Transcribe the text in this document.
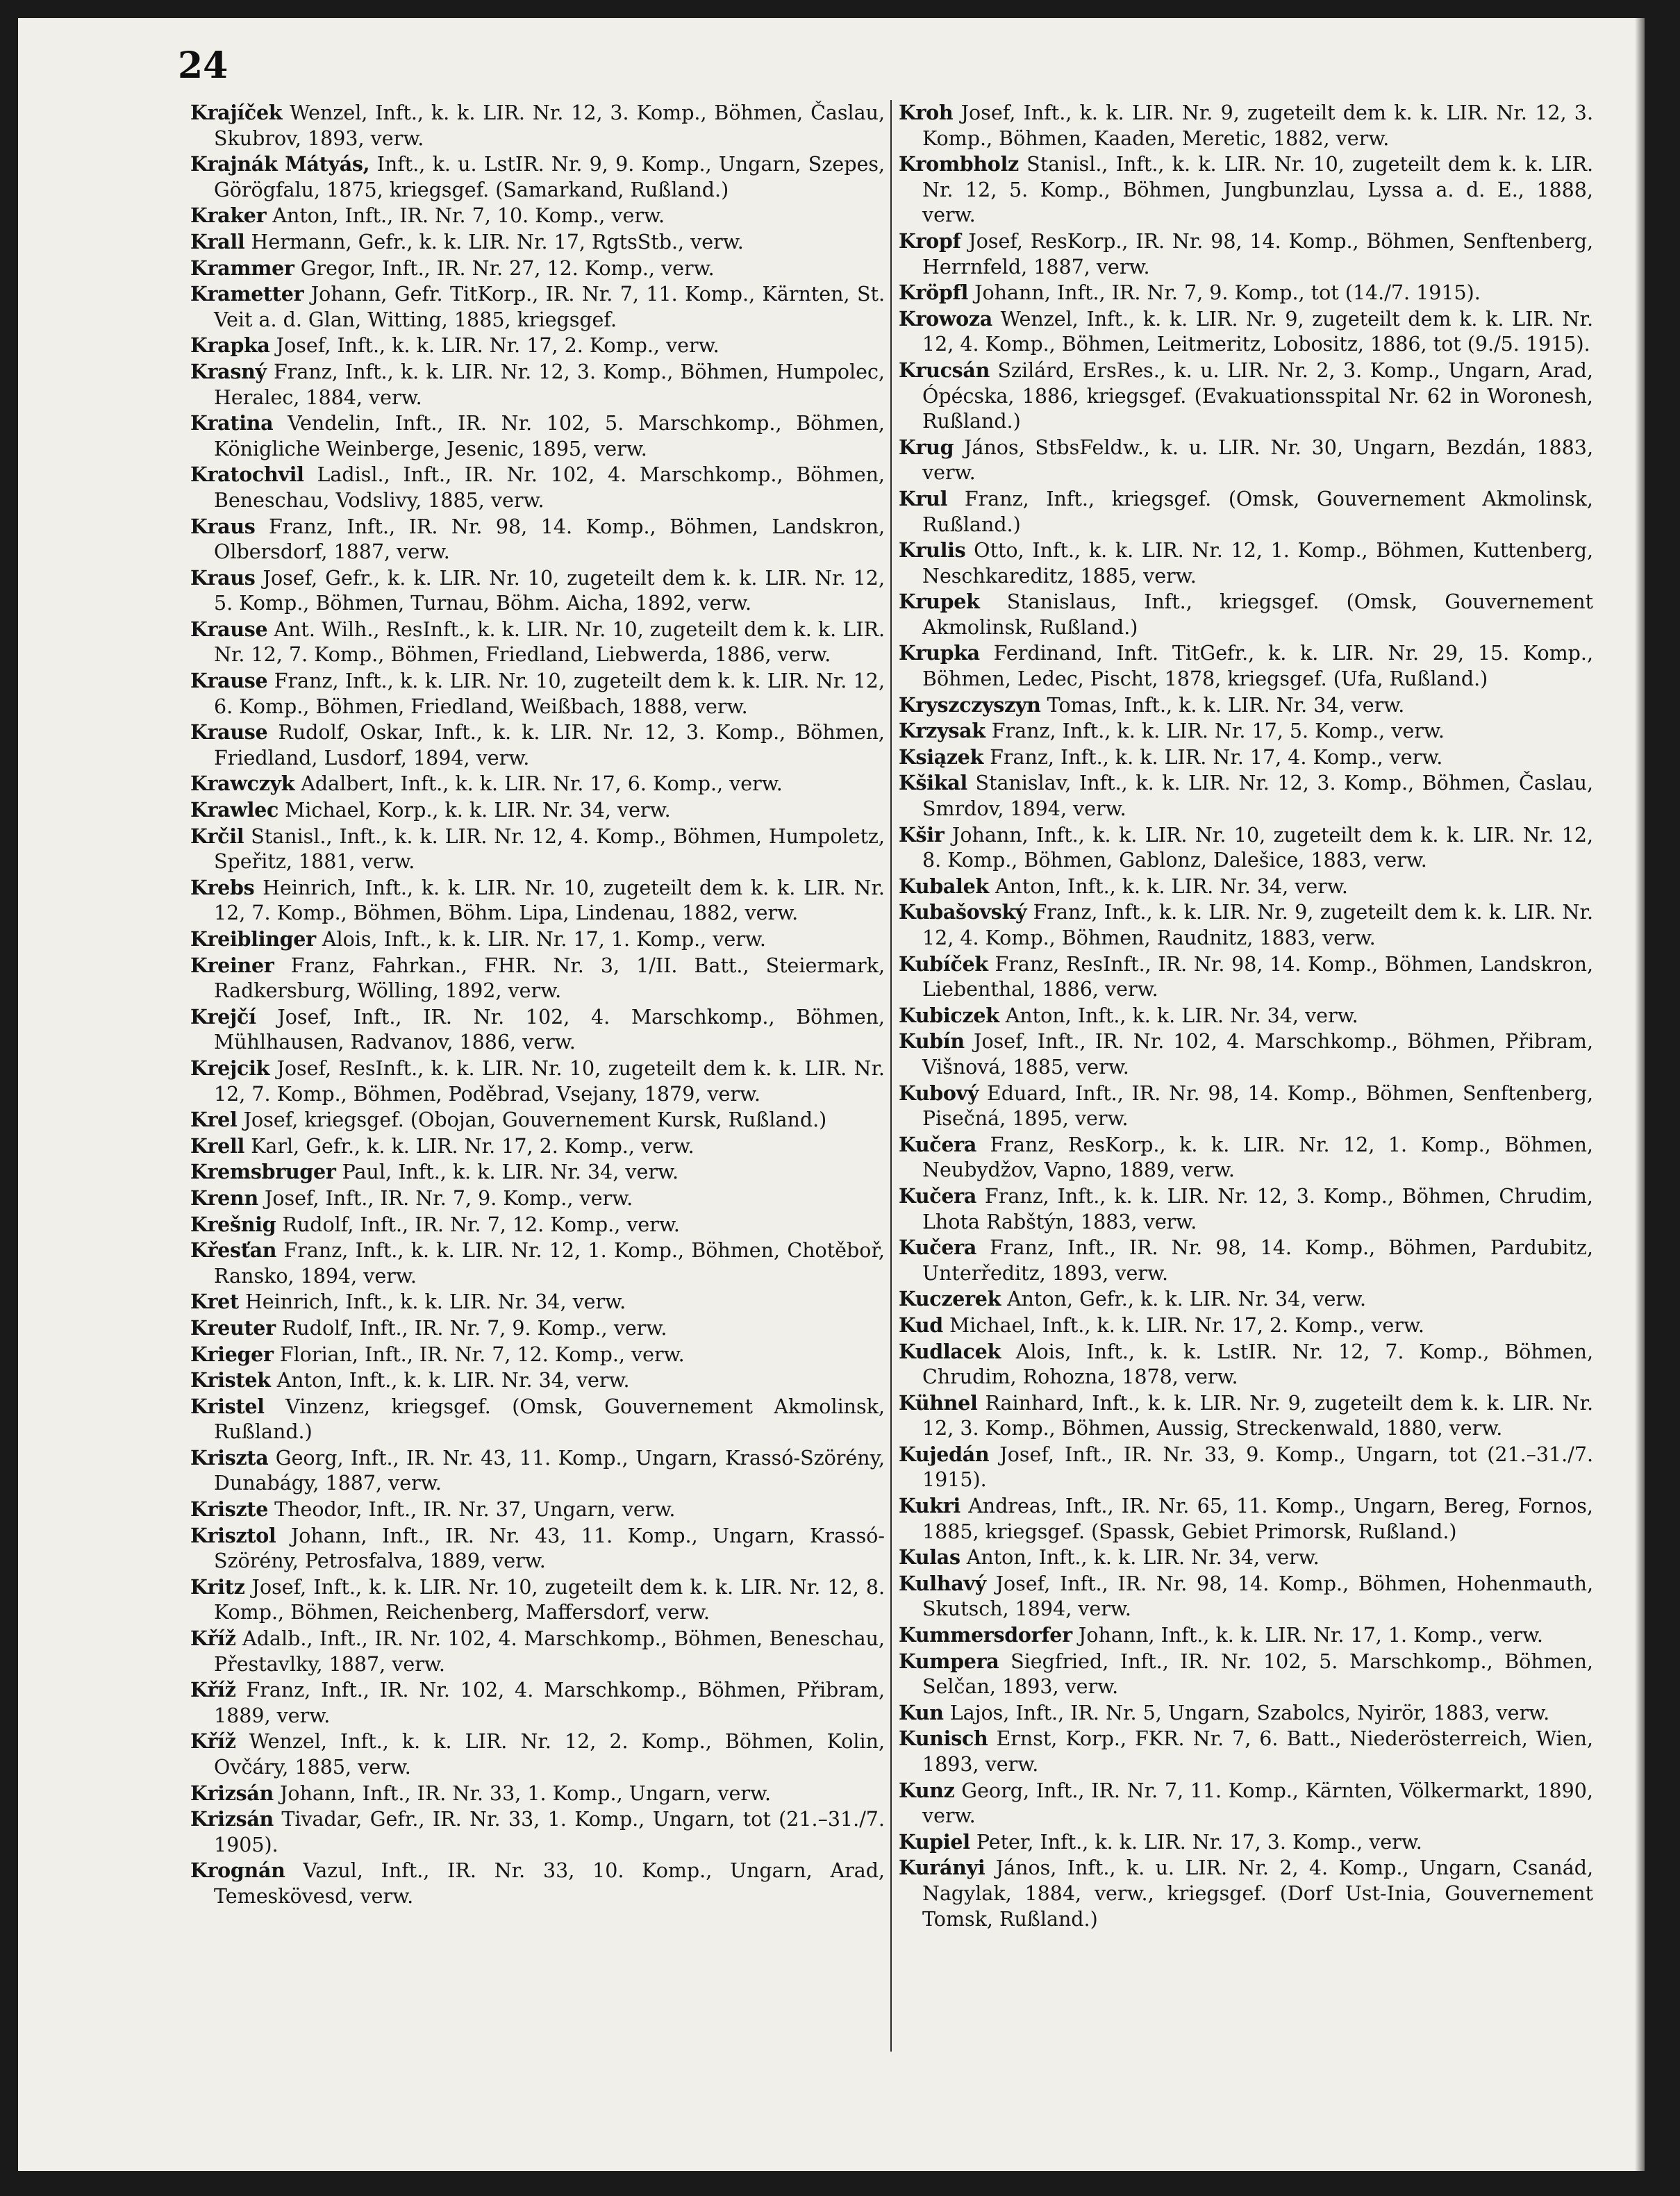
24

Krajíček Wenzel, Inft., k. k. LIR. Nr. 12, 3. Komp., Böhmen, Časlau, Skubrov, 1893, verw.

Krajnák Mátyás, Inft., k. u. LstIR. Nr. 9, 9. Komp., Ungarn, Szepes, Görögfalu, 1875, kriegsgef. (Samarkand, Rußland.)

Kraker Anton, Inft., IR. Nr. 7, 10. Komp., verw.

Krall Hermann, Gefr., k. k. LIR. Nr. 17, RgtsStb., verw.

Krammer Gregor, Inft., IR. Nr. 27, 12. Komp., verw.

Krametter Johann, Gefr. TitKorp., IR. Nr. 7, 11. Komp., Kärnten, St. Veit a. d. Glan, Witting, 1885, kriegsgef.

Krapka Josef, Inft., k. k. LIR. Nr. 17, 2. Komp., verw.

Krasný Franz, Inft., k. k. LIR. Nr. 12, 3. Komp., Böhmen, Humpolec, Heralec, 1884, verw.

Kratina Vendelin, Inft., IR. Nr. 102, 5. Marschkomp., Böhmen, Königliche Weinberge, Jesenic, 1895, verw.

Kratochvil Ladisl., Inft., IR. Nr. 102, 4. Marschkomp., Böhmen, Beneschau, Vodslivy, 1885, verw.

Kraus Franz, Inft., IR. Nr. 98, 14. Komp., Böhmen, Landskron, Olbersdorf, 1887, verw.

Kraus Josef, Gefr., k. k. LIR. Nr. 10, zugeteilt dem k. k. LIR. Nr. 12, 5. Komp., Böhmen, Turnau, Böhm. Aicha, 1892, verw.

Krause Ant. Wilh., ResInft., k. k. LIR. Nr. 10, zugeteilt dem k. k. LIR. Nr. 12, 7. Komp., Böhmen, Friedland, Liebwerda, 1886, verw.

Krause Franz, Inft., k. k. LIR. Nr. 10, zugeteilt dem k. k. LIR. Nr. 12, 6. Komp., Böhmen, Friedland, Weißbach, 1888, verw.

Krause Rudolf, Oskar, Inft., k. k. LIR. Nr. 12, 3. Komp., Böhmen, Friedland, Lusdorf, 1894, verw.

Krawczyk Adalbert, Inft., k. k. LIR. Nr. 17, 6. Komp., verw.

Krawlec Michael, Korp., k. k. LIR. Nr. 34, verw.

Krčil Stanisl., Inft., k. k. LIR. Nr. 12, 4. Komp., Böhmen, Humpoletz, Speřitz, 1881, verw.

Krebs Heinrich, Inft., k. k. LIR. Nr. 10, zugeteilt dem k. k. LIR. Nr. 12, 7. Komp., Böhmen, Böhm. Lipa, Lindenau, 1882, verw.

Kreiblinger Alois, Inft., k. k. LIR. Nr. 17, 1. Komp., verw.

Kreiner Franz, Fahrkan., FHR. Nr. 3, 1/II. Batt., Steiermark, Radkersburg, Wölling, 1892, verw.

Krejčí Josef, Inft., IR. Nr. 102, 4. Marschkomp., Böhmen, Mühlhausen, Radvanov, 1886, verw.

Krejcik Josef, ResInft., k. k. LIR. Nr. 10, zugeteilt dem k. k. LIR. Nr. 12, 7. Komp., Böhmen, Poděbrad, Vsejany, 1879, verw.

Krel Josef, kriegsgef. (Obojan, Gouvernement Kursk, Rußland.)

Krell Karl, Gefr., k. k. LIR. Nr. 17, 2. Komp., verw.

Kremsbruger Paul, Inft., k. k. LIR. Nr. 34, verw.

Krenn Josef, Inft., IR. Nr. 7, 9. Komp., verw.

Krešnig Rudolf, Inft., IR. Nr. 7, 12. Komp., verw.

Křesťan Franz, Inft., k. k. LIR. Nr. 12, 1. Komp., Böhmen, Chotěboř, Ransko, 1894, verw.

Kret Heinrich, Inft., k. k. LIR. Nr. 34, verw.

Kreuter Rudolf, Inft., IR. Nr. 7, 9. Komp., verw.

Krieger Florian, Inft., IR. Nr. 7, 12. Komp., verw.

Kristek Anton, Inft., k. k. LIR. Nr. 34, verw.

Kristel Vinzenz, kriegsgef. (Omsk, Gouvernement Akmolinsk, Rußland.)

Kriszta Georg, Inft., IR. Nr. 43, 11. Komp., Ungarn, Krassó-Szörény, Dunabágy, 1887, verw.

Kriszte Theodor, Inft., IR. Nr. 37, Ungarn, verw.

Krisztol Johann, Inft., IR. Nr. 43, 11. Komp., Ungarn, Krassó-Szörény, Petrosfalva, 1889, verw.

Kritz Josef, Inft., k. k. LIR. Nr. 10, zugeteilt dem k. k. LIR. Nr. 12, 8. Komp., Böhmen, Reichenberg, Maffersdorf, verw.

Kříž Adalb., Inft., IR. Nr. 102, 4. Marschkomp., Böhmen, Beneschau, Přestavlky, 1887, verw.

Kříž Franz, Inft., IR. Nr. 102, 4. Marschkomp., Böhmen, Přibram, 1889, verw.

Kříž Wenzel, Inft., k. k. LIR. Nr. 12, 2. Komp., Böhmen, Kolin, Ovčáry, 1885, verw.

Krizsán Johann, Inft., IR. Nr. 33, 1. Komp., Ungarn, verw.

Krizsán Tivadar, Gefr., IR. Nr. 33, 1. Komp., Ungarn, tot (21.–31./7. 1905).

Krognán Vazul, Inft., IR. Nr. 33, 10. Komp., Ungarn, Arad, Temeskövesd, verw.

Kroh Josef, Inft., k. k. LIR. Nr. 9, zugeteilt dem k. k. LIR. Nr. 12, 3. Komp., Böhmen, Kaaden, Meretic, 1882, verw.

Krombholz Stanisl., Inft., k. k. LIR. Nr. 10, zugeteilt dem k. k. LIR. Nr. 12, 5. Komp., Böhmen, Jungbunzlau, Lyssa a. d. E., 1888, verw.

Kropf Josef, ResKorp., IR. Nr. 98, 14. Komp., Böhmen, Senftenberg, Herrnfeld, 1887, verw.

Kröpfl Johann, Inft., IR. Nr. 7, 9. Komp., tot (14./7. 1915).

Krowoza Wenzel, Inft., k. k. LIR. Nr. 9, zugeteilt dem k. k. LIR. Nr. 12, 4. Komp., Böhmen, Leitmeritz, Lobositz, 1886, tot (9./5. 1915).

Krucsán Szilárd, ErsRes., k. u. LIR. Nr. 2, 3. Komp., Ungarn, Arad, Ópécska, 1886, kriegsgef. (Evakuationsspital Nr. 62 in Woronesh, Rußland.)

Krug János, StbsFeldw., k. u. LIR. Nr. 30, Ungarn, Bezdán, 1883, verw.

Krul Franz, Inft., kriegsgef. (Omsk, Gouvernement Akmolinsk, Rußland.)

Krulis Otto, Inft., k. k. LIR. Nr. 12, 1. Komp., Böhmen, Kuttenberg, Neschkareditz, 1885, verw.

Krupek Stanislaus, Inft., kriegsgef. (Omsk, Gouvernement Akmolinsk, Rußland.)

Krupka Ferdinand, Inft. TitGefr., k. k. LIR. Nr. 29, 15. Komp., Böhmen, Ledec, Pischt, 1878, kriegsgef. (Ufa, Rußland.)

Kryszczyszyn Tomas, Inft., k. k. LIR. Nr. 34, verw.

Krzysak Franz, Inft., k. k. LIR. Nr. 17, 5. Komp., verw.

Ksiązek Franz, Inft., k. k. LIR. Nr. 17, 4. Komp., verw.

Kšikal Stanislav, Inft., k. k. LIR. Nr. 12, 3. Komp., Böhmen, Časlau, Smrdov, 1894, verw.

Kšir Johann, Inft., k. k. LIR. Nr. 10, zugeteilt dem k. k. LIR. Nr. 12, 8. Komp., Böhmen, Gablonz, Dalešice, 1883, verw.

Kubalek Anton, Inft., k. k. LIR. Nr. 34, verw.

Kubašovský Franz, Inft., k. k. LIR. Nr. 9, zugeteilt dem k. k. LIR. Nr. 12, 4. Komp., Böhmen, Raudnitz, 1883, verw.

Kubíček Franz, ResInft., IR. Nr. 98, 14. Komp., Böhmen, Landskron, Liebenthal, 1886, verw.

Kubiczek Anton, Inft., k. k. LIR. Nr. 34, verw.

Kubín Josef, Inft., IR. Nr. 102, 4. Marschkomp., Böhmen, Přibram, Višnová, 1885, verw.

Kubový Eduard, Inft., IR. Nr. 98, 14. Komp., Böhmen, Senftenberg, Pisečná, 1895, verw.

Kučera Franz, ResKorp., k. k. LIR. Nr. 12, 1. Komp., Böhmen, Neubydžov, Vapno, 1889, verw.

Kučera Franz, Inft., k. k. LIR. Nr. 12, 3. Komp., Böhmen, Chrudim, Lhota Rabštýn, 1883, verw.

Kučera Franz, Inft., IR. Nr. 98, 14. Komp., Böhmen, Pardubitz, Unterředitz, 1893, verw.

Kuczerek Anton, Gefr., k. k. LIR. Nr. 34, verw.

Kud Michael, Inft., k. k. LIR. Nr. 17, 2. Komp., verw.

Kudlacek Alois, Inft., k. k. LstIR. Nr. 12, 7. Komp., Böhmen, Chrudim, Rohozna, 1878, verw.

Kühnel Rainhard, Inft., k. k. LIR. Nr. 9, zugeteilt dem k. k. LIR. Nr. 12, 3. Komp., Böhmen, Aussig, Streckenwald, 1880, verw.

Kujedán Josef, Inft., IR. Nr. 33, 9. Komp., Ungarn, tot (21.–31./7. 1915).

Kukri Andreas, Inft., IR. Nr. 65, 11. Komp., Ungarn, Bereg, Fornos, 1885, kriegsgef. (Spassk, Gebiet Primorsk, Rußland.)

Kulas Anton, Inft., k. k. LIR. Nr. 34, verw.

Kulhavý Josef, Inft., IR. Nr. 98, 14. Komp., Böhmen, Hohenmauth, Skutsch, 1894, verw.

Kummersdorfer Johann, Inft., k. k. LIR. Nr. 17, 1. Komp., verw.

Kumpera Siegfried, Inft., IR. Nr. 102, 5. Marschkomp., Böhmen, Selčan, 1893, verw.

Kun Lajos, Inft., IR. Nr. 5, Ungarn, Szabolcs, Nyirör, 1883, verw.

Kunisch Ernst, Korp., FKR. Nr. 7, 6. Batt., Niederösterreich, Wien, 1893, verw.

Kunz Georg, Inft., IR. Nr. 7, 11. Komp., Kärnten, Völkermarkt, 1890, verw.

Kupiel Peter, Inft., k. k. LIR. Nr. 17, 3. Komp., verw.

Kurányi János, Inft., k. u. LIR. Nr. 2, 4. Komp., Ungarn, Csanád, Nagylak, 1884, verw., kriegsgef. (Dorf Ust-Inia, Gouvernement Tomsk, Rußland.)
